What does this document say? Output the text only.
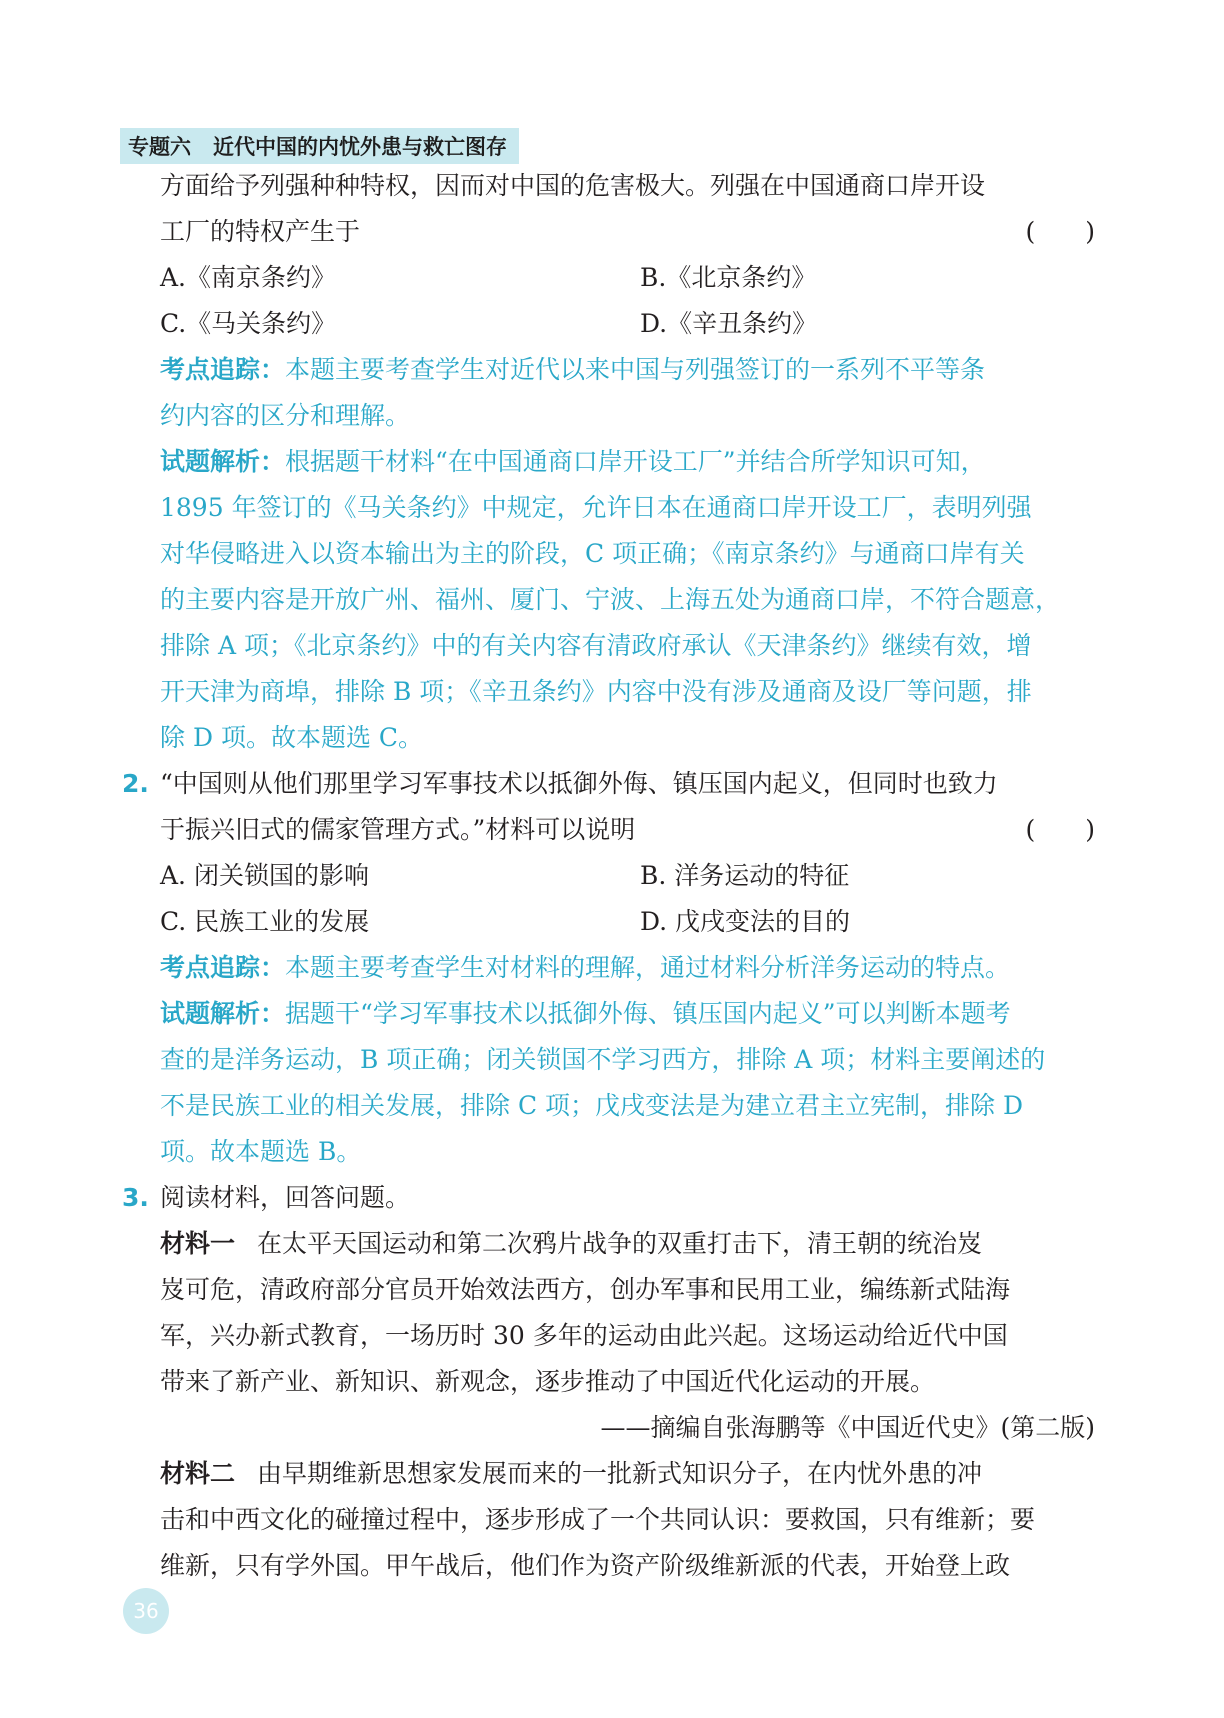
专题六 近代中国的内忧外患与救亡图存
方面给予列强种种特权，因而对中国的危害极大。列强在中国通商口岸开设
工厂的特权产生于	(　　)
A.《南京条约》	B.《北京条约》
C.《马关条约》	D.《辛丑条约》
考点追踪：本题主要考查学生对近代以来中国与列强签订的一系列不平等条
约内容的区分和理解。
试题解析：根据题干材料“在中国通商口岸开设工厂”并结合所学知识可知，
1895 年签订的《马关条约》中规定，允许日本在通商口岸开设工厂，表明列强
对华侵略进入以资本输出为主的阶段，C 项正确；《南京条约》与通商口岸有关
的主要内容是开放广州、福州、厦门、宁波、上海五处为通商口岸，不符合题意，
排除 A 项；《北京条约》中的有关内容有清政府承认《天津条约》继续有效，增
开天津为商埠，排除 B 项；《辛丑条约》内容中没有涉及通商及设厂等问题，排
除 D 项。故本题选 C。
2. “中国则从他们那里学习军事技术以抵御外侮、镇压国内起义，但同时也致力
于振兴旧式的儒家管理方式。”材料可以说明	(　　)
A. 闭关锁国的影响	B. 洋务运动的特征
C. 民族工业的发展	D. 戊戌变法的目的
考点追踪：本题主要考查学生对材料的理解，通过材料分析洋务运动的特点。
试题解析：据题干“学习军事技术以抵御外侮、镇压国内起义”可以判断本题考
查的是洋务运动，B 项正确；闭关锁国不学习西方，排除 A 项；材料主要阐述的
不是民族工业的相关发展，排除 C 项；戊戌变法是为建立君主立宪制，排除 D
项。故本题选 B。
3. 阅读材料，回答问题。
材料一 在太平天国运动和第二次鸦片战争的双重打击下，清王朝的统治岌
岌可危，清政府部分官员开始效法西方，创办军事和民用工业，编练新式陆海
军，兴办新式教育，一场历时 30 多年的运动由此兴起。这场运动给近代中国
带来了新产业、新知识、新观念，逐步推动了中国近代化运动的开展。
——摘编自张海鹏等《中国近代史》(第二版)
材料二 由早期维新思想家发展而来的一批新式知识分子，在内忧外患的冲
击和中西文化的碰撞过程中，逐步形成了一个共同认识：要救国，只有维新；要
维新，只有学外国。甲午战后，他们作为资产阶级维新派的代表，开始登上政
36
